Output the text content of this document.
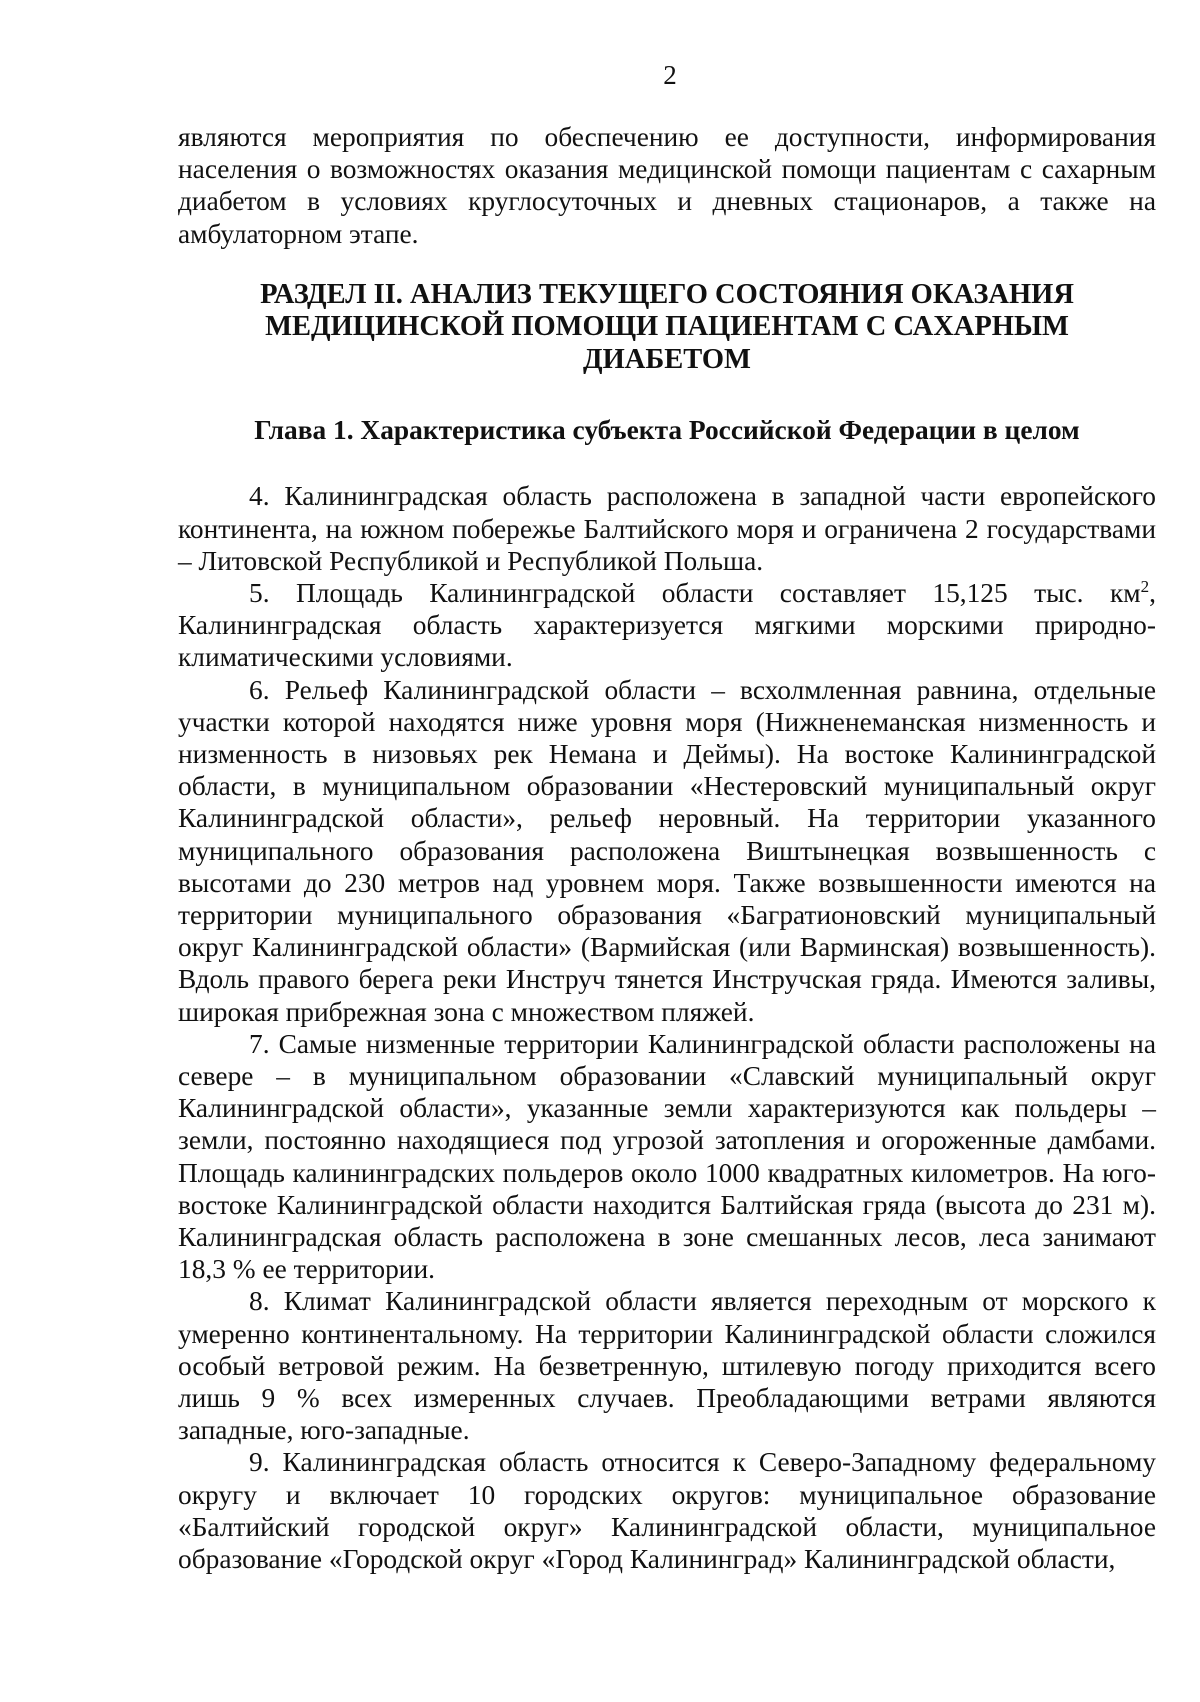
2

являются мероприятия по обеспечению ее доступности, информирования населения о возможностях оказания медицинской помощи пациентам с сахарным диабетом в условиях круглосуточных и дневных стационаров, а также на амбулаторном этапе.

РАЗДЕЛ II. АНАЛИЗ ТЕКУЩЕГО СОСТОЯНИЯ ОКАЗАНИЯ МЕДИЦИНСКОЙ ПОМОЩИ ПАЦИЕНТАМ С САХАРНЫМ ДИАБЕТОМ
Глава 1. Характеристика субъекта Российской Федерации в целом

4. Калининградская область расположена в западной части европейского континента, на южном побережье Балтийского моря и ограничена 2 государствами – Литовской Республикой и Республикой Польша.

5. Площадь Калининградской области составляет 15,125 тыс. $км^2$, Калининградская область характеризуется мягкими морскими природно-климатическими условиями.

6. Рельеф Калининградской области – всхолмленная равнина, отдельные участки которой находятся ниже уровня моря (Нижненеманская низменность и низменность в низовьях рек Немана и Деймы). На востоке Калининградской области, в муниципальном образовании «Нестеровский муниципальный округ Калининградской области», рельеф неровный. На территории указанного муниципального образования расположена Виштынецкая возвышенность с высотами до 230 метров над уровнем моря. Также возвышенности имеются на территории муниципального образования «Багратионовский муниципальный округ Калининградской области» (Вармийская (или Варминская) возвышенность). Вдоль правого берега реки Инструч тянется Инстручская гряда. Имеются заливы, широкая прибрежная зона с множеством пляжей.

7. Самые низменные территории Калининградской области расположены на севере – в муниципальном образовании «Славский муниципальный округ Калининградской области», указанные земли характеризуются как польдеры – земли, постоянно находящиеся под угрозой затопления и огороженные дамбами. Площадь калининградских польдеров около 1000 квадратных километров. На юго-востоке Калининградской области находится Балтийская гряда (высота до 231 м). Калининградская область расположена в зоне смешанных лесов, леса занимают 18,3 % ее территории.

8. Климат Калининградской области является переходным от морского к умеренно континентальному. На территории Калининградской области сложился особый ветровой режим. На безветренную, штилевую погоду приходится всего лишь 9 % всех измеренных случаев. Преобладающими ветрами являются западные, юго-западные.

9. Калининградская область относится к Северо-Западному федеральному округу и включает 10 городских округов: муниципальное образование «Балтийский городской округ» Калининградской области, муниципальное образование «Городской округ «Город Калининград» Калининградской области,
